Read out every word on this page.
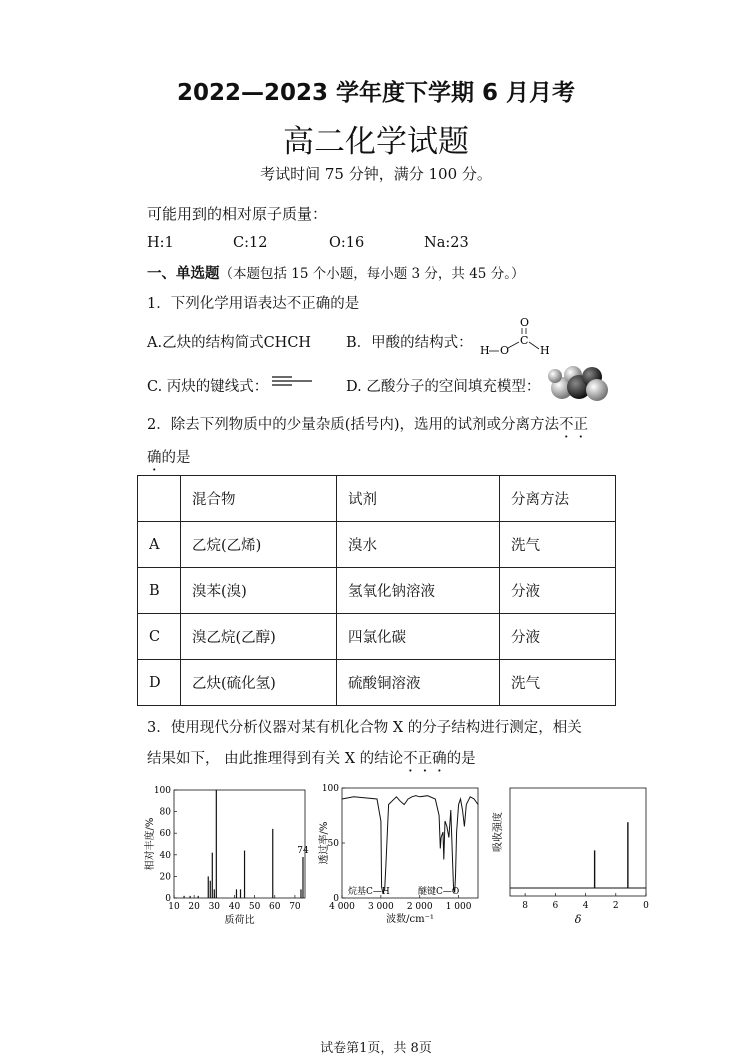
2022—2023 学年度下学期 6 月月考
高二化学试题
考试时间 75 分钟，满分 100 分。
可能用到的相对原子质量：
H:1	C:12	O:16	Na:23
一、单选题（本题包括 15 个小题，每小题 3 分，共 45 分。）
1．下列化学用语表达不正确的是
A.乙炔的结构简式CHCH B．甲酸的结构式： H O
C
O
H
C. 丙炔的键线式：	D. 乙酸分子的空间填充模型：
2．除去下列物质中的少量杂质(括号内)，选用的试剂或分离方法不正
确的是
	混合物	试剂	分离方法
A	乙烷(乙烯)	溴水	洗气
B	溴苯(溴)	氢氧化钠溶液	分液
C	溴乙烷(乙醇)	四氯化碳	分液
D	乙炔(硫化氢)	硫酸铜溶液	洗气
3．使用现代分析仪器对某有机化合物 X 的分子结构进行测定，相关
结果如下， 由此推理得到有关 X 的结论不正确的是
0
20
40
60
80
100
10 20 30 40 50 60 70
74
质荷比
相对丰度/%
0
50
100
4 000 3 000 2 000 1 000
烷基C—H	醚键C—O
波数/cm⁻¹
透过率/%
8	6	4	2	0
δ
吸收强度
试卷第1页，共 8页
